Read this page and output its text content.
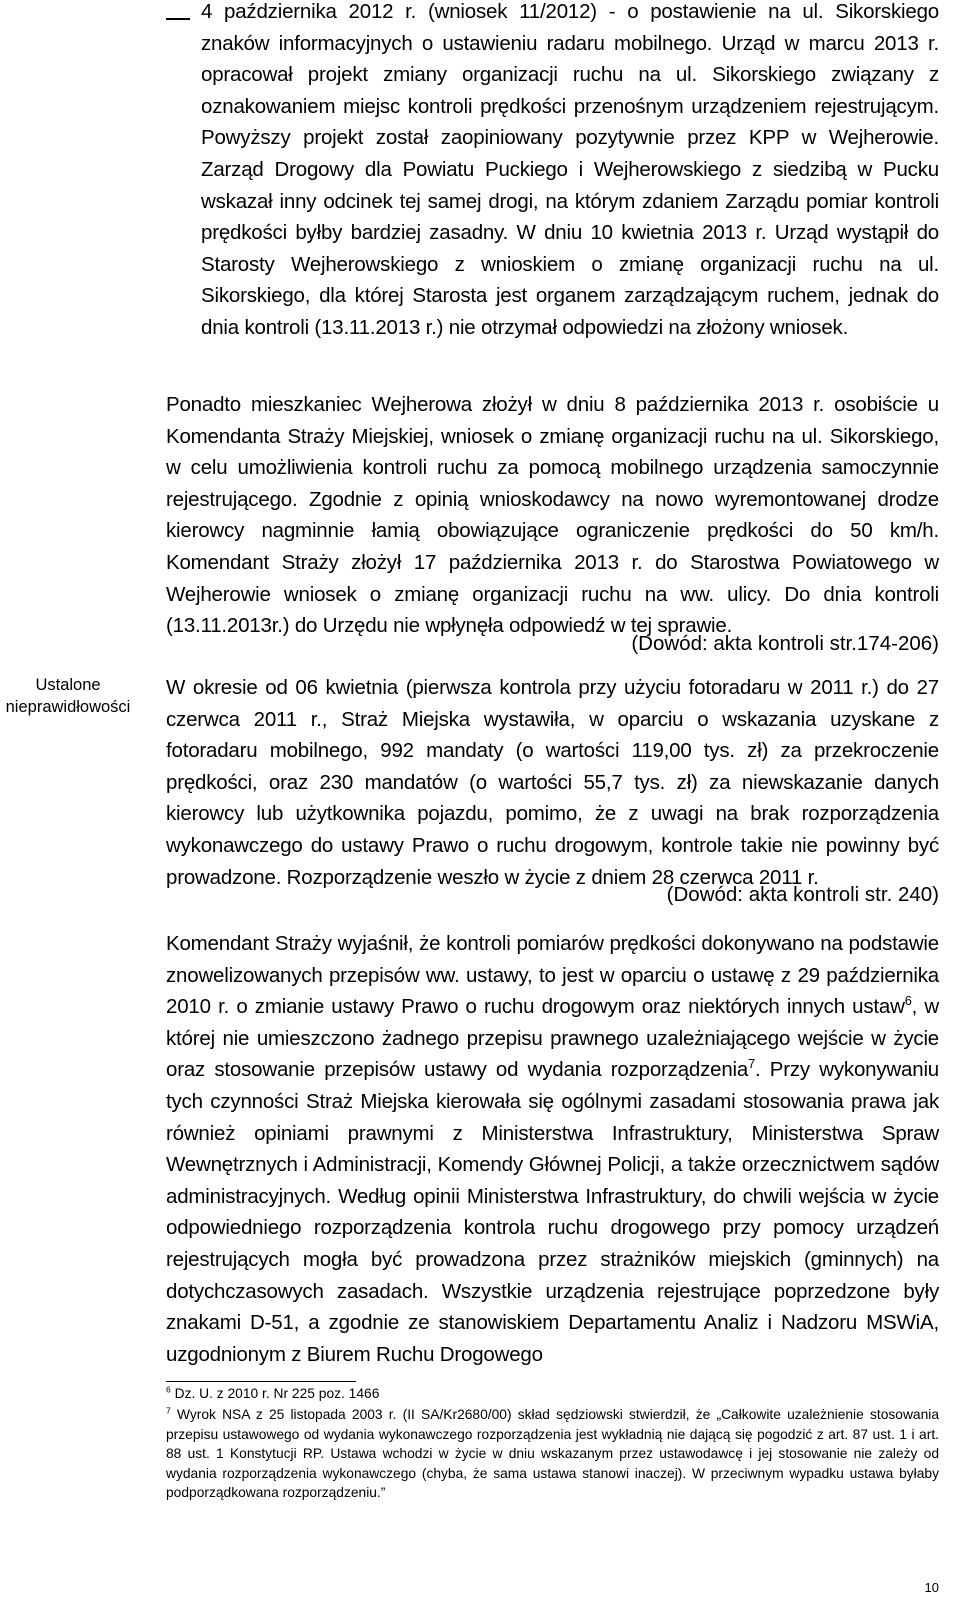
4 października 2012 r. (wniosek 11/2012) - o postawienie na ul. Sikorskiego znaków informacyjnych o ustawieniu radaru mobilnego. Urząd w marcu 2013 r. opracował projekt zmiany organizacji ruchu na ul. Sikorskiego związany z oznakowaniem miejsc kontroli prędkości przenośnym urządzeniem rejestrującym. Powyższy projekt został zaopiniowany pozytywnie przez KPP w Wejherowie. Zarząd Drogowy dla Powiatu Puckiego i Wejherowskiego z siedzibą w Pucku wskazał inny odcinek tej samej drogi, na którym zdaniem Zarządu pomiar kontroli prędkości byłby bardziej zasadny. W dniu 10 kwietnia 2013 r. Urząd wystąpił do Starosty Wejherowskiego z wnioskiem o zmianę organizacji ruchu na ul. Sikorskiego, dla której Starosta jest organem zarządzającym ruchem, jednak do dnia kontroli (13.11.2013 r.) nie otrzymał odpowiedzi na złożony wniosek.
Ponadto mieszkaniec Wejherowa złożył w dniu 8 października 2013 r. osobiście u Komendanta Straży Miejskiej, wniosek o zmianę organizacji ruchu na ul. Sikorskiego, w celu umożliwienia kontroli ruchu za pomocą mobilnego urządzenia samoczynnie rejestrującego. Zgodnie z opinią wnioskodawcy na nowo wyremontowanej drodze kierowcy nagminnie łamią obowiązujące ograniczenie prędkości do 50 km/h. Komendant Straży złożył 17 października 2013 r. do Starostwa Powiatowego w Wejherowie wniosek o zmianę organizacji ruchu na ww. ulicy. Do dnia kontroli (13.11.2013r.) do Urzędu nie wpłynęła odpowiedź w tej sprawie.
(Dowód: akta kontroli str.174-206)
Ustalone nieprawidłowości
W okresie od 06 kwietnia (pierwsza kontrola przy użyciu fotoradaru w 2011 r.) do 27 czerwca 2011 r., Straż Miejska wystawiła, w oparciu o wskazania uzyskane z fotoradaru mobilnego, 992 mandaty (o wartości 119,00 tys. zł) za przekroczenie prędkości, oraz 230 mandatów (o wartości 55,7 tys. zł) za niewskazanie danych kierowcy lub użytkownika pojazdu, pomimo, że z uwagi na brak rozporządzenia wykonawczego do ustawy Prawo o ruchu drogowym, kontrole takie nie powinny być prowadzone. Rozporządzenie weszło w życie z dniem 28 czerwca 2011 r.
(Dowód: akta kontroli str. 240)
Komendant Straży wyjaśnił, że kontroli pomiarów prędkości dokonywano na podstawie znowelizowanych przepisów ww. ustawy, to jest w oparciu o ustawę z 29 października 2010 r. o zmianie ustawy Prawo o ruchu drogowym oraz niektórych innych ustaw$^6$, w której nie umieszczono żadnego przepisu prawnego uzależniającego wejście w życie oraz stosowanie przepisów ustawy od wydania rozporządzenia$^7$. Przy wykonywaniu tych czynności Straż Miejska kierowała się ogólnymi zasadami stosowania prawa jak również opiniami prawnymi z Ministerstwa Infrastruktury, Ministerstwa Spraw Wewnętrznych i Administracji, Komendy Głównej Policji, a także orzecznictwem sądów administracyjnych. Według opinii Ministerstwa Infrastruktury, do chwili wejścia w życie odpowiedniego rozporządzenia kontrola ruchu drogowego przy pomocy urządzeń rejestrujących mogła być prowadzona przez strażników miejskich (gminnych) na dotychczasowych zasadach. Wszystkie urządzenia rejestrujące poprzedzone były znakami D-51, a zgodnie ze stanowiskiem Departamentu Analiz i Nadzoru MSWiA, uzgodnionym z Biurem Ruchu Drogowego
$^6$ Dz. U. z 2010 r. Nr 225 poz. 1466
$^7$ Wyrok NSA z 25 listopada 2003 r. (II SA/Kr2680/00) skład sędziowski stwierdził, że „Całkowite uzależnienie stosowania przepisu ustawowego od wydania wykonawczego rozporządzenia jest wykładnią nie dającą się pogodzić z art. 87 ust. 1 i art. 88 ust. 1 Konstytucji RP. Ustawa wchodzi w życie w dniu wskazanym przez ustawodawcę i jej stosowanie nie zależy od wydania rozporządzenia wykonawczego (chyba, że sama ustawa stanowi inaczej). W przeciwnym wypadku ustawa byłaby podporządkowana rozporządzeniu.”
10
